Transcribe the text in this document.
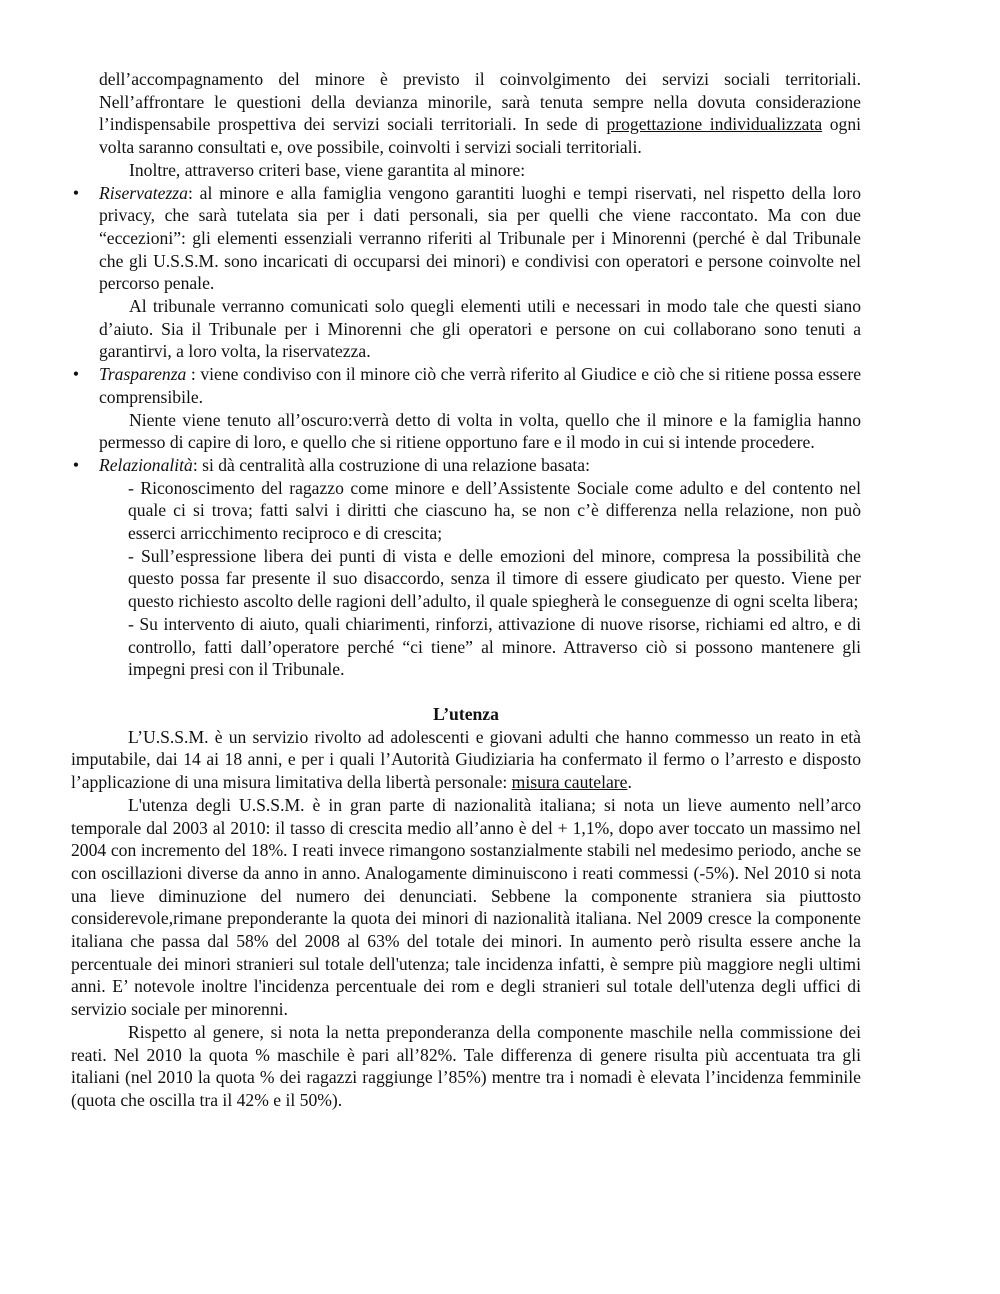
dell’accompagnamento del minore è previsto il coinvolgimento dei servizi sociali territoriali. Nell’affrontare le questioni della devianza minorile, sarà tenuta sempre nella dovuta considerazione l’indispensabile prospettiva dei servizi sociali territoriali. In sede di progettazione individualizzata ogni volta saranno consultati e, ove possibile, coinvolti i servizi sociali territoriali.

Inoltre, attraverso criteri base, viene garantita al minore:

• Riservatezza: al minore e alla famiglia vengono garantiti luoghi e tempi riservati, nel rispetto della loro privacy, che sarà tutelata sia per i dati personali, sia per quelli che viene raccontato. Ma con due “eccezioni”: gli elementi essenziali verranno riferiti al Tribunale per i Minorenni (perché è dal Tribunale che gli U.S.S.M. sono incaricati di occuparsi dei minori) e condivisi con operatori e persone coinvolte nel percorso penale.

Al tribunale verranno comunicati solo quegli elementi utili e necessari in modo tale che questi siano d’aiuto. Sia il Tribunale per i Minorenni che gli operatori e persone on cui collaborano sono tenuti a garantirvi, a loro volta, la riservatezza.

• Trasparenza : viene condiviso con il minore ciò che verrà riferito al Giudice e ciò che si ritiene possa essere comprensibile.

Niente viene tenuto all’oscuro:verrà detto di volta in volta, quello che il minore e la famiglia hanno permesso di capire di loro, e quello che si ritiene opportuno fare e il modo in cui si intende procedere.

• Relazionalità: si dà centralità alla costruzione di una relazione basata:

- Riconoscimento del ragazzo come minore e dell’Assistente Sociale come adulto e del contento nel quale ci si trova; fatti salvi i diritti che ciascuno ha, se non c’è differenza nella relazione, non può esserci arricchimento reciproco e di crescita;

- Sull’espressione libera dei punti di vista e delle emozioni del minore, compresa la possibilità che questo possa far presente il suo disaccordo, senza il timore di essere giudicato per questo. Viene per questo richiesto ascolto delle ragioni dell’adulto, il quale spiegherà le conseguenze di ogni scelta libera;

- Su intervento di aiuto, quali chiarimenti, rinforzi, attivazione di nuove risorse, richiami ed altro, e di controllo, fatti dall’operatore perché “ci tiene” al minore. Attraverso ciò si possono mantenere gli impegni presi con il Tribunale.

L’utenza

L’U.S.S.M. è un servizio rivolto ad adolescenti e giovani adulti che hanno commesso un reato in età imputabile, dai 14 ai 18 anni, e per i quali l’Autorità Giudiziaria ha confermato il fermo o l’arresto e disposto l’applicazione di una misura limitativa della libertà personale: misura cautelare.

L'utenza degli U.S.S.M. è in gran parte di nazionalità italiana; si nota un lieve aumento nell’arco temporale dal 2003 al 2010: il tasso di crescita medio all’anno è del + 1,1%, dopo aver toccato un massimo nel 2004 con incremento del 18%. I reati invece rimangono sostanzialmente stabili nel medesimo periodo, anche se con oscillazioni diverse da anno in anno. Analogamente diminuiscono i reati commessi (-5%). Nel 2010 si nota una lieve diminuzione del numero dei denunciati. Sebbene la componente straniera sia piuttosto considerevole,rimane preponderante la quota dei minori di nazionalità italiana. Nel 2009 cresce la componente italiana che passa dal 58% del 2008 al 63% del totale dei minori. In aumento però risulta essere anche la percentuale dei minori stranieri sul totale dell'utenza; tale incidenza infatti, è sempre più maggiore negli ultimi anni. E’ notevole inoltre l'incidenza percentuale dei rom e degli stranieri sul totale dell'utenza degli uffici di servizio sociale per minorenni.

Rispetto al genere, si nota la netta preponderanza della componente maschile nella commissione dei reati. Nel 2010 la quota % maschile è pari all’82%. Tale differenza di genere risulta più accentuata tra gli italiani (nel 2010 la quota % dei ragazzi raggiunge l’85%) mentre tra i nomadi è elevata l’incidenza femminile (quota che oscilla tra il 42% e il 50%).
